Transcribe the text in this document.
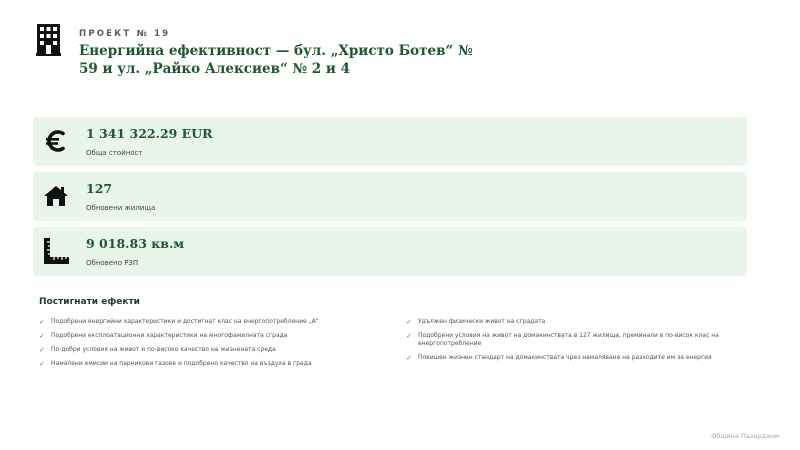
ПРОЕКТ № 19
Енергийна ефективност — бул. „Христо Ботев“ № 59 и ул. „Райко Алексиев“ № 2 и 4
1 341 322.29 EUR
Обща стойност
127
Обновени жилища
9 018.83 кв.м
Обновено РЗП
Постигнати ефекти
✓ Подобрени енергийни характеристики и достигнат клас на енергопотребление „А“
✓ Подобрени експлоатационни характеристики на многофамилната сграда
✓ По-добри условия на живот и по-високо качество на жизнената среда
✓ Намалени емисии на парникови газове и подобрено качество на въздуха в града
✓ Удължен физически живот на сградата
✓ Подобрени условия на живот на домакинствата в 127 жилища, преминали в по-висок клас на енергопотребление
✓ Повишен жизнен стандарт на домакинствата чрез намаляване на разходите им за енергия
Община Пазарджик
